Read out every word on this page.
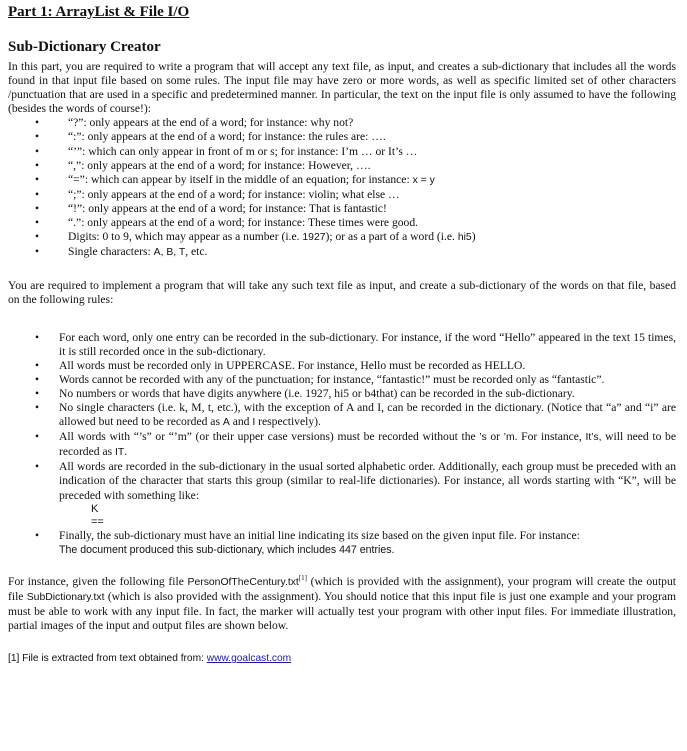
Part 1: ArrayList & File I/O
Sub-Dictionary Creator

In this part, you are required to write a program that will accept any text file, as input, and creates a sub-dictionary that includes all the words found in that input file based on some rules. The input file may have zero or more words, as well as specific limited set of other characters /punctuation that are used in a specific and predetermined manner. In particular, the text on the input file is only assumed to have the following (besides the words of course!):

• “?”: only appears at the end of a word; for instance: why not?
• “:”: only appears at the end of a word; for instance: the rules are: ….
• “’”: which can only appear in front of m or s; for instance: I’m … or It’s …
• “,”: only appears at the end of a word; for instance: However, ….
• “=”: which can appear by itself in the middle of an equation; for instance: x = y
• “;”: only appears at the end of a word; for instance: violin; what else …
• “!”: only appears at the end of a word; for instance: That is fantastic!
• “.”: only appears at the end of a word; for instance: These times were good.
• Digits: 0 to 9, which may appear as a number (i.e. 1927); or as a part of a word (i.e. hi5)
• Single characters: A, B, T, etc.

You are required to implement a program that will take any such text file as input, and create a sub-dictionary of the words on that file, based on the following rules:

• For each word, only one entry can be recorded in the sub-dictionary. For instance, if the word “Hello” appeared in the text 15 times, it is still recorded once in the sub-dictionary.
• All words must be recorded only in UPPERCASE. For instance, Hello must be recorded as HELLO.
• Words cannot be recorded with any of the punctuation; for instance, “fantastic!” must be recorded only as “fantastic”.
• No numbers or words that have digits anywhere (i.e. 1927, hi5 or b4that) can be recorded in the sub-dictionary.
• No single characters (i.e. k, M, t, etc.), with the exception of A and I, can be recorded in the dictionary. (Notice that “a” and “i” are allowed but need to be recorded as A and I respectively).
• All words with “’s” or “’m” (or their upper case versions) must be recorded without the ’s or ’m. For instance, It’s, will need to be recorded as IT.
• All words are recorded in the sub-dictionary in the usual sorted alphabetic order. Additionally, each group must be preceded with an indication of the character that starts this group (similar to real-life dictionaries). For instance, all words starting with “K”, will be preceded with something like:
K
==
• Finally, the sub-dictionary must have an initial line indicating its size based on the given input file. For instance:
The document produced this sub-dictionary, which includes 447 entries.

For instance, given the following file PersonOfTheCentury.txt[1] (which is provided with the assignment), your program will create the output file SubDictionary.txt (which is also provided with the assignment). You should notice that this input file is just one example and your program must be able to work with any input file. In fact, the marker will actually test your program with other input files. For immediate illustration, partial images of the input and output files are shown below.

[1] File is extracted from text obtained from: www.goalcast.com
